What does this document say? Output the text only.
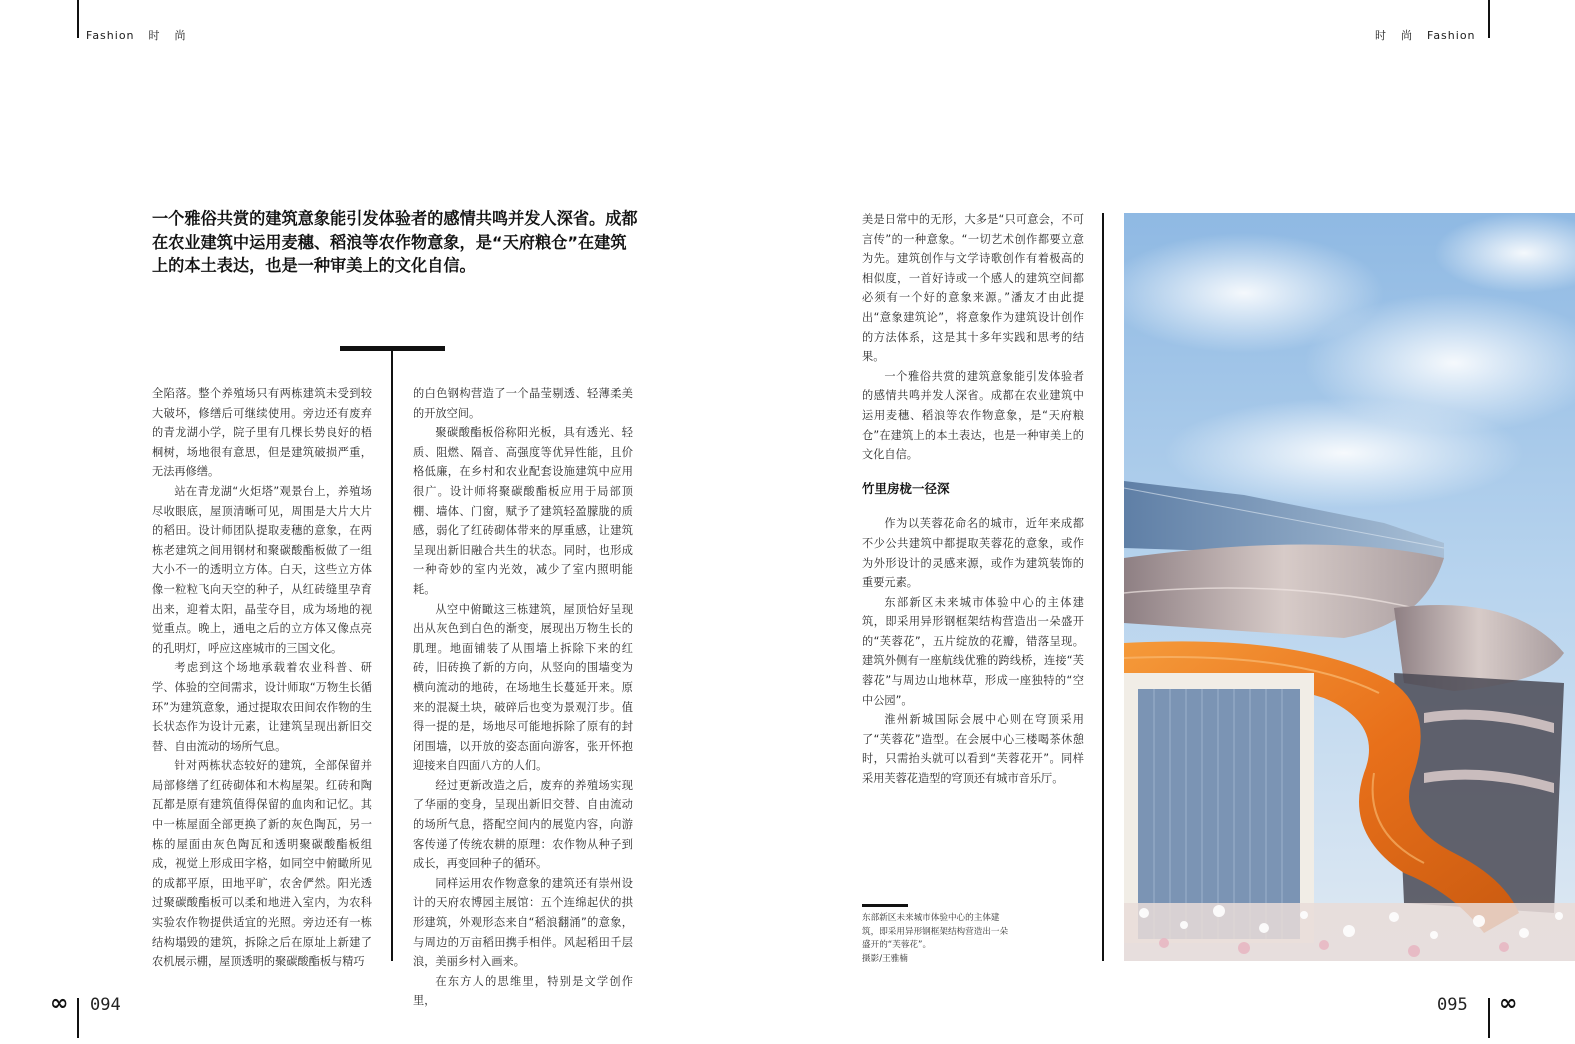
Fashion 时 尚	时 尚 Fashion
一个雅俗共赏的建筑意象能引发体验者的感情共鸣并发人深省。成都在农业建筑中运用麦穗、稻浪等农作物意象，是“天府粮仓”在建筑上的本土表达，也是一种审美上的文化自信。

全陷落。整个养殖场只有两栋建筑未受到较大破坏，修缮后可继续使用。旁边还有废弃的青龙湖小学，院子里有几棵长势良好的梧桐树，场地很有意思，但是建筑破损严重，无法再修缮。

站在青龙湖“火炬塔”观景台上，养殖场尽收眼底，屋顶清晰可见，周围是大片大片的稻田。设计师团队提取麦穗的意象，在两栋老建筑之间用钢材和聚碳酸酯板做了一组大小不一的透明立方体。白天，这些立方体像一粒粒飞向天空的种子，从红砖缝里孕育出来，迎着太阳，晶莹夺目，成为场地的视觉重点。晚上，通电之后的立方体又像点亮的孔明灯，呼应这座城市的三国文化。

考虑到这个场地承载着农业科普、研学、体验的空间需求，设计师取“万物生长循环”为建筑意象，通过提取农田间农作物的生长状态作为设计元素，让建筑呈现出新旧交替、自由流动的场所气息。

针对两栋状态较好的建筑，全部保留并局部修缮了红砖砌体和木构屋架。红砖和陶瓦都是原有建筑值得保留的血肉和记忆。其中一栋屋面全部更换了新的灰色陶瓦，另一栋的屋面由灰色陶瓦和透明聚碳酸酯板组成，视觉上形成田字格，如同空中俯瞰所见的成都平原，田地平旷，农舍俨然。阳光透过聚碳酸酯板可以柔和地进入室内，为农科实验农作物提供适宜的光照。旁边还有一栋结构塌毁的建筑，拆除之后在原址上新建了农机展示棚，屋顶透明的聚碳酸酯板与精巧

的白色钢构营造了一个晶莹剔透、轻薄柔美的开放空间。

聚碳酸酯板俗称阳光板，具有透光、轻质、阻燃、隔音、高强度等优异性能，且价格低廉，在乡村和农业配套设施建筑中应用很广。设计师将聚碳酸酯板应用于局部顶棚、墙体、门窗，赋予了建筑轻盈朦胧的质感，弱化了红砖砌体带来的厚重感，让建筑呈现出新旧融合共生的状态。同时，也形成一种奇妙的室内光效，减少了室内照明能耗。

从空中俯瞰这三栋建筑，屋顶恰好呈现出从灰色到白色的渐变，展现出万物生长的肌理。地面铺装了从围墙上拆除下来的红砖，旧砖换了新的方向，从竖向的围墙变为横向流动的地砖，在场地生长蔓延开来。原来的混凝土块，破碎后也变为景观汀步。值得一提的是，场地尽可能地拆除了原有的封闭围墙，以开放的姿态面向游客，张开怀抱迎接来自四面八方的人们。

经过更新改造之后，废弃的养殖场实现了华丽的变身，呈现出新旧交替、自由流动的场所气息，搭配空间内的展览内容，向游客传递了传统农耕的原理：农作物从种子到成长，再变回种子的循环。

同样运用农作物意象的建筑还有崇州设计的天府农博园主展馆：五个连绵起伏的拱形建筑，外观形态来自“稻浪翻涌”的意象，与周边的万亩稻田携手相伴。风起稻田千层浪，美丽乡村入画来。

在东方人的思维里，特别是文学创作里，

美是日常中的无形，大多是“只可意会，不可言传”的一种意象。“一切艺术创作都要立意为先。建筑创作与文学诗歌创作有着极高的相似度，一首好诗或一个感人的建筑空间都必须有一个好的意象来源。”潘友才由此提出“意象建筑论”，将意象作为建筑设计创作的方法体系，这是其十多年实践和思考的结果。

一个雅俗共赏的建筑意象能引发体验者的感情共鸣并发人深省。成都在农业建筑中运用麦穗、稻浪等农作物意象，是“天府粮仓”在建筑上的本土表达，也是一种审美上的文化自信。

竹里房栊一径深

作为以芙蓉花命名的城市，近年来成都不少公共建筑中都提取芙蓉花的意象，或作为外形设计的灵感来源，或作为建筑装饰的重要元素。

东部新区未来城市体验中心的主体建筑，即采用异形钢框架结构营造出一朵盛开的“芙蓉花”，五片绽放的花瓣，错落呈现。建筑外侧有一座航线优雅的跨线桥，连接“芙蓉花”与周边山地林草，形成一座独特的“空中公园”。

淮州新城国际会展中心则在穹顶采用了“芙蓉花”造型。在会展中心三楼喝茶休憩时，只需抬头就可以看到“芙蓉花开”。同样采用芙蓉花造型的穹顶还有城市音乐厅。

东部新区未来城市体验中心的主体建
筑，即采用异形钢框架结构营造出一朵
盛开的“芙蓉花”。
摄影/王雅楠
∞ 094	095 ∞
